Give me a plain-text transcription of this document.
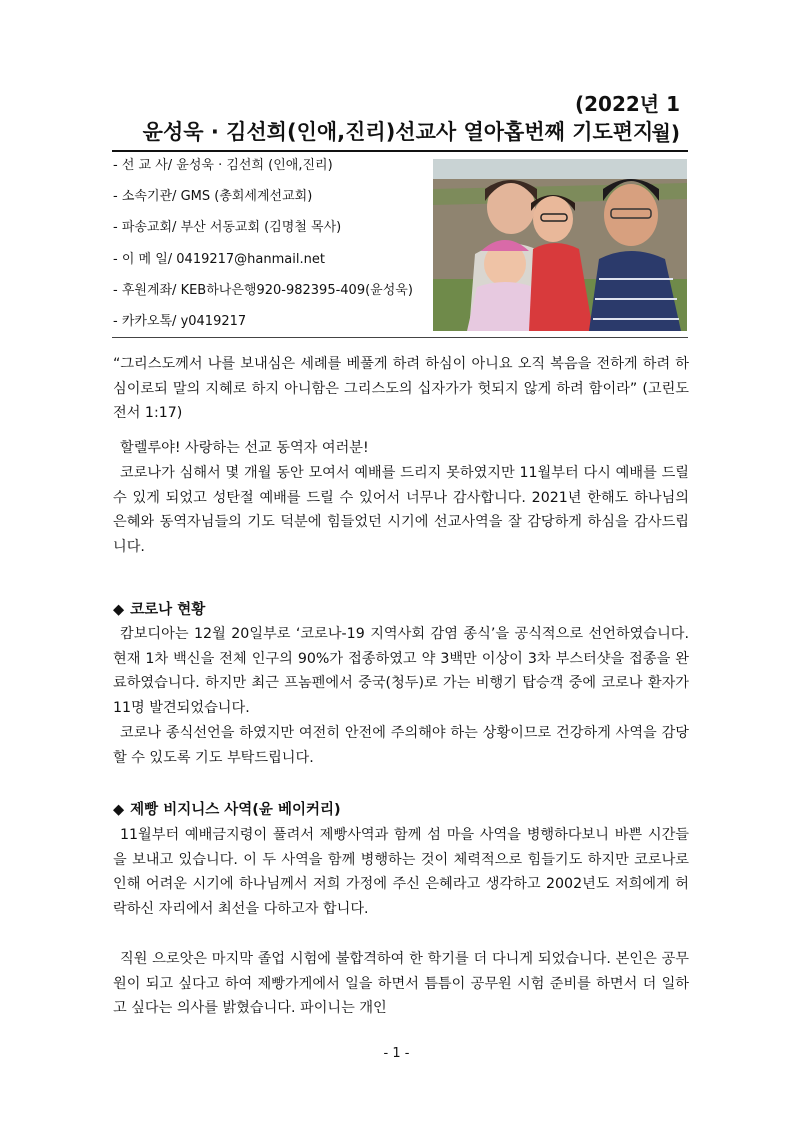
(2022년 1월)
윤성욱 · 김선희(인애,진리)선교사 열아홉번째 기도편지
- 선 교 사/ 윤성욱 · 김선희 (인애,진리)
- 소속기관/ GMS (총회세계선교회)
- 파송교회/ 부산 서동교회 (김명철 목사)
- 이 메 일/ 0419217@hanmail.net
- 후원계좌/ KEB하나은행920-982395-409(윤성욱)
- 카카오톡/ y0419217

“그리스도께서 나를 보내심은 세례를 베풀게 하려 하심이 아니요 오직 복음을 전하게 하려 하심이로되 말의 지혜로 하지 아니함은 그리스도의 십자가가 헛되지 않게 하려 함이라” (고린도전서 1:17)

할렐루야! 사랑하는 선교 동역자 여러분!

코로나가 심해서 몇 개월 동안 모여서 예배를 드리지 못하였지만 11월부터 다시 예배를 드릴 수 있게 되었고 성탄절 예배를 드릴 수 있어서 너무나 감사합니다. 2021년 한해도 하나님의 은혜와 동역자님들의 기도 덕분에 힘들었던 시기에 선교사역을 잘 감당하게 하심을 감사드립니다.

◆ 코로나 현황

캄보디아는 12월 20일부로 ‘코로나-19 지역사회 감염 종식’을 공식적으로 선언하였습니다. 현재 1차 백신을 전체 인구의 90%가 접종하였고 약 3백만 이상이 3차 부스터샷을 접종을 완료하였습니다. 하지만 최근 프놈펜에서 중국(청두)로 가는 비행기 탑승객 중에 코로나 환자가 11명 발견되었습니다.

코로나 종식선언을 하였지만 여전히 안전에 주의해야 하는 상황이므로 건강하게 사역을 감당할 수 있도록 기도 부탁드립니다.

◆ 제빵 비지니스 사역(윤 베이커리)

11월부터 예배금지령이 풀려서 제빵사역과 함께 섬 마을 사역을 병행하다보니 바쁜 시간들을 보내고 있습니다. 이 두 사역을 함께 병행하는 것이 체력적으로 힘들기도 하지만 코로나로 인해 어려운 시기에 하나님께서 저희 가정에 주신 은혜라고 생각하고 2002년도 저희에게 허락하신 자리에서 최선을 다하고자 합니다.

직원 으로앗은 마지막 졸업 시험에 불합격하여 한 학기를 더 다니게 되었습니다. 본인은 공무원이 되고 싶다고 하여 제빵가게에서 일을 하면서 틈틈이 공무원 시험 준비를 하면서 더 일하고 싶다는 의사를 밝혔습니다. 파이니는 개인

- 1 -
